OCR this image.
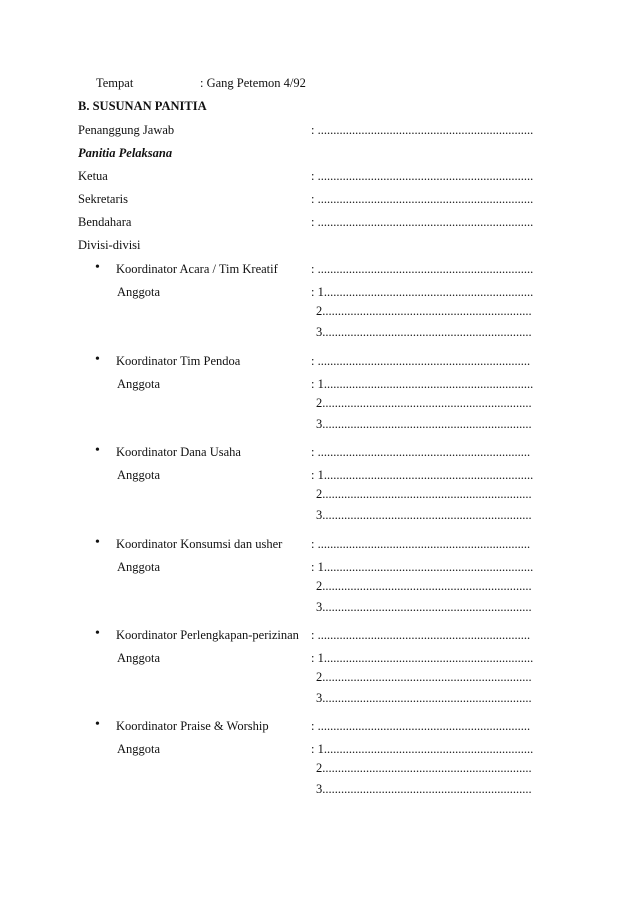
Tempat	: Gang Petemon 4/92
B. SUSUNAN PANITIA
Penanggung Jawab	: .....................................................................
Panitia Pelaksana
Ketua	: .....................................................................
Sekretaris	: .....................................................................
Bendahara	: .....................................................................
Divisi-divisi
• Koordinator Acara / Tim Kreatif	: .....................................................................
Anggota	: 1...................................................................
2...................................................................
3...................................................................
• Koordinator Tim Pendoa	: ....................................................................
Anggota	: 1...................................................................
2...................................................................
3...................................................................
• Koordinator Dana Usaha	: ....................................................................
Anggota	: 1...................................................................
2...................................................................
3...................................................................
• Koordinator Konsumsi dan usher : ....................................................................
Anggota	: 1...................................................................
2...................................................................
3...................................................................
• Koordinator Perlengkapan-perizinan : ....................................................................
Anggota	: 1...................................................................
2...................................................................
3...................................................................
• Koordinator Praise & Worship	: ....................................................................
Anggota	: 1...................................................................
2...................................................................
3...................................................................
